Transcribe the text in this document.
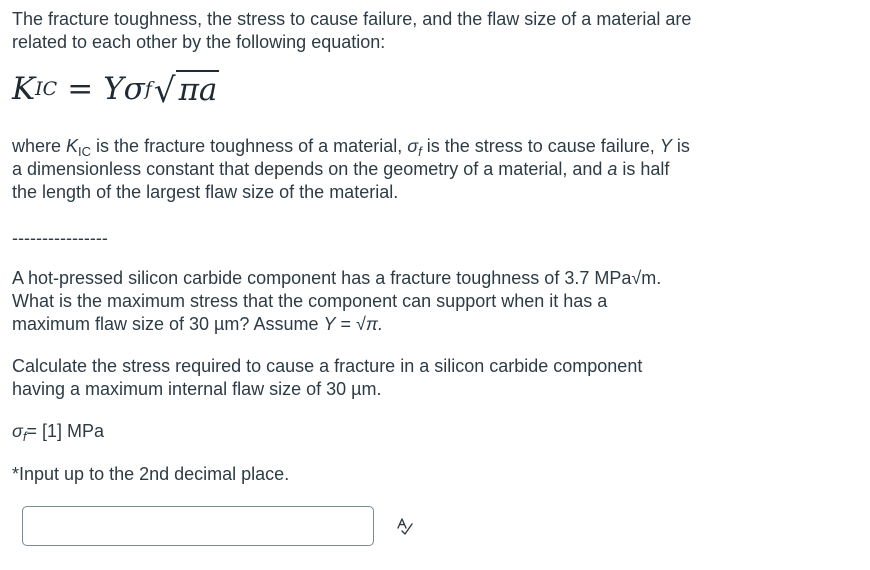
The fracture toughness, the stress to cause failure, and the flaw size of a material are
related to each other by the following equation:

K IC = Y σ f √ πa

where $K_{IC}$ is the fracture toughness of a material, $\sigma_f$ is the stress to cause failure, Y is
a dimensionless constant that depends on the geometry of a material, and a is half
the length of the largest flaw size of the material.

----------------

A hot-pressed silicon carbide component has a fracture toughness of 3.7 MPa√m.
What is the maximum stress that the component can support when it has a
maximum flaw size of 30 µm? Assume Y = √π.

Calculate the stress required to cause a fracture in a silicon carbide component
having a maximum internal flaw size of 30 µm.

$\sigma_f= [1]$ MPa

*Input up to the 2nd decimal place.
